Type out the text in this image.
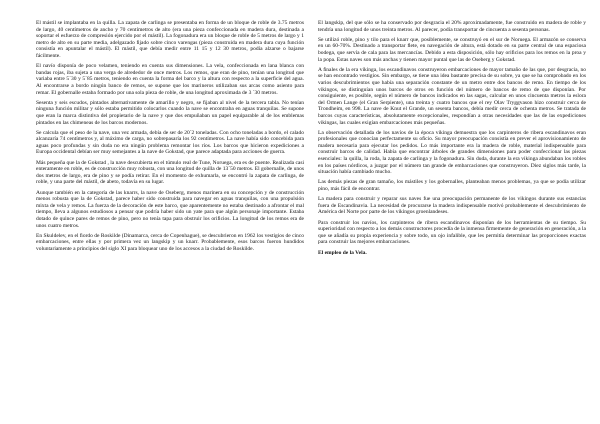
El mástil se implantaba en la quilla. La zapata de carlinga se presentaba en forma de un bloque de roble de 3.75 metros de largo, 40 centímetros de ancho y 70 centímetros de alto (era una pieza confeccionada en madera dura, destinada a soportar el esfuerzo de compresión ejercido por el mástil). La fogonadura era un bloque de roble de 5 metros de largo y 1 metro de alto en su parte media, adelgazado ﬁjado sobre cinco varengas (pieza construida en madera dura cuya función consistía en apuntalar el mástil). El mástil, que debía medir entre 11 15 y 12 30 metros, podía alzarse o bajarse fácilmente.

El navío disponía de poco velamen, teniendo en cuenta sus dimensiones. La vela, confeccionada en lana blanca con bandas rojas, iba sujeta a una verga de alrededor de once metros. Los remos, que eran de pino, tenían una longitud que variaba entre 5´30 y 5´85 metros, teniendo en cuenta la forma del barco y la altura con respecto a la superﬁcie del agua. Al encontrarse a bordo ningún banco de remos, se supone que los marineros utilizaban sus arcas como asiento para remar. El gobernalle estaba formado por una sola pieza de roble, de una longitud aproximada de 3 ´30 metros.

Sesenta y seis escudos, pintados alternativamente de amarillo y negro, se ﬁjaban al nivel de la tercera tabla. No tenían ninguna función militar y sólo estaba permitido colocarlos cuando la nave se encontraba en aguas tranquilas. Se supone que eran la marca distintiva del propietario de la nave y que dos empuñaban un papel equiparable al de los emblemas pintados en las chimeneas de los barcos modernos.

Se calcula que el peso de la nave, una vez armada, debía de ser de 20´2 toneladas. Con ocho toneladas a bordo, el calado alcanzaría 74 centímetros y, al máximo de carga, no sobrepasaría los 92 centímetros. La nave había sido concebida para aguas poco profundas y sin duda no era ningún problema remontar los ríos. Los barcos que hicieron expediciones a Europa occidental debían ser muy semejantes a la nave de Gokstad, que parece adaptada para acciones de guerra.

Más pequeña que la de Gokstad , la nave descubierta en el túmulo real de Tune, Noruega, era es de puente. Realizada casi enteramente en roble, es de construcción muy robusta, con una longitud de quilla de 13´50 metros. El gobernalle, de unos dos metros de largo, era de pino y se podía retirar. En el momento de exhumarla, se encontró la zapata de carlinga, de roble, y una parte del mástil, de abeto, todavía en su lugar.

Aunque también en la categoría de las knarrs, la nave de Oseberg, menos marinera en su concepción y de construcción menos robusta que la de Gokstad, parece haber sido construida para navegar en aguas tranquilas, con una propulsión mixta de vela y remos. La fuerza de la decoración de este barco, que aparentemente no estaba destinado a afrontar el mal tiempo, lleva a algunos estudiosos a pensar que podría haber sido un yate para que algún personaje importante. Estaba dotado de quince pares de remos de pino, pero no tenía tapa para obstruir los oriﬁcios. La longitud de los remos era de unos cuatro metros.

En Skuldelev, en el ﬁordo de Roskilde (Dinamarca, cerca de Copenhague), se descubrieron en 1962 los vestigios de cinco embarcaciones, entre ellas y por primera vez un langskip y un knarr. Probablemente, esos barcos fueron hundidos voluntariamente a principios del siglo XI para bloquear uno de los accesos a la ciudad de Roskilde.

El langskip, del que sólo se ha conservado por desgracia el 20% aproximadamente, fue construido en madera de roble y tendría una longitud de unos treinta metros. Al parecer, podía transportar de cincuenta a sesenta personas.

Se utilizó roble, pino y tilo para el knarr que, posiblemente, se construyó en el sur de Noruega. El armazón se conserva en un 60-70%. Destinado a transportar ﬂete, en navegación de altura, está dotado en su parte central de una espaciosa bodega, que servía de cala para las mercancías. Debido a esta disposición, sólo hay oriﬁcios para los remos en la proa y la popa. Estas naves son más anchas y tienen mayor puntal que las de Oseberg y Gokstad.

A ﬁnales de la era vikinga, los escandinavos construyeron embarcaciones de mayor tamaño de las que, por desgracia, no se han encontrado vestigios. Sin embargo, se tiene una idea bastante precisa de su sobre, ya que se ha comprobado en los varios descubrimientos que había una separación constante de un metro entre dos bancos de remo. En tiempo de los vikingos, se distinguían unos barcos de otros en función del número de bancos de remo de que disponían. Por consiguiente, es posible, según el número de bancos indicados en las sagas, calcular en unos cincuenta metros la eslora del Ormen Lange (el Gran Serpiente), una treinta y cuatro bancos que el rey Olav Tryggvason hizo construir cerca de Trondheim, en 998. La nave de Knut el Grande, un sesenta bancos, debía medir cerca de ochenta metros. Se tratada de barcos cuyas características, absolutamente excepcionales, respondían a otras necesidades que las de las expediciones vikingas, las cuales exigían embarcaciones más pequeñas.

La observación detallada de los navíos de la época vikinga demuestra que los carpinteros de ribera escandinavos eran profesionales que conocían perfectamente su oﬁcio. Su mayor preocupación consistía en prever el aprovisionamiento de madera necesaria para ejecutar los pedidos. Lo más importante era la madera de roble, material indispensable para construir barcos de calidad. Había que encontrar árboles de grandes dimensiones para poder confeccionar las piezas esenciales: la quilla, la roda, la zapata de carlinga y la fogonadura. Sin duda, durante la era vikinga abundaban los robles en los países nórdicos, a juzgar por el número tan grande de embarcaciones que construyeron. Diez siglos más tarde, la situación había cambiado mucho.

Las demás piezas de gran tamaño, los mástiles y los gobernalles, planteaban menos problemas, ya que se podía utilizar pino, más fácil de encontrar.

La madera para construir y reparar sus naves fue una preocupación permanente de los vikingos durante sus estancias fuera de Escandinavia. La necesidad de procurarse la madera indispensable motivó probablemente el descubrimiento de América del Norte por parte de los vikingos groenlandeses.

Para construir los navíos, los carpinteros de ribera escandinavos disponían de los herramientas de su tiempo. Su superioridad con respecto a los demás constructores procedía de la inmensa ﬁrmemente de generación en generación, a la que se añadía su propia experiencia y sobre todo, un ojo infalible, que les permitía determinar las proporciones exactas para construir las mejores embarcaciones.

El empleo de la Vela.
